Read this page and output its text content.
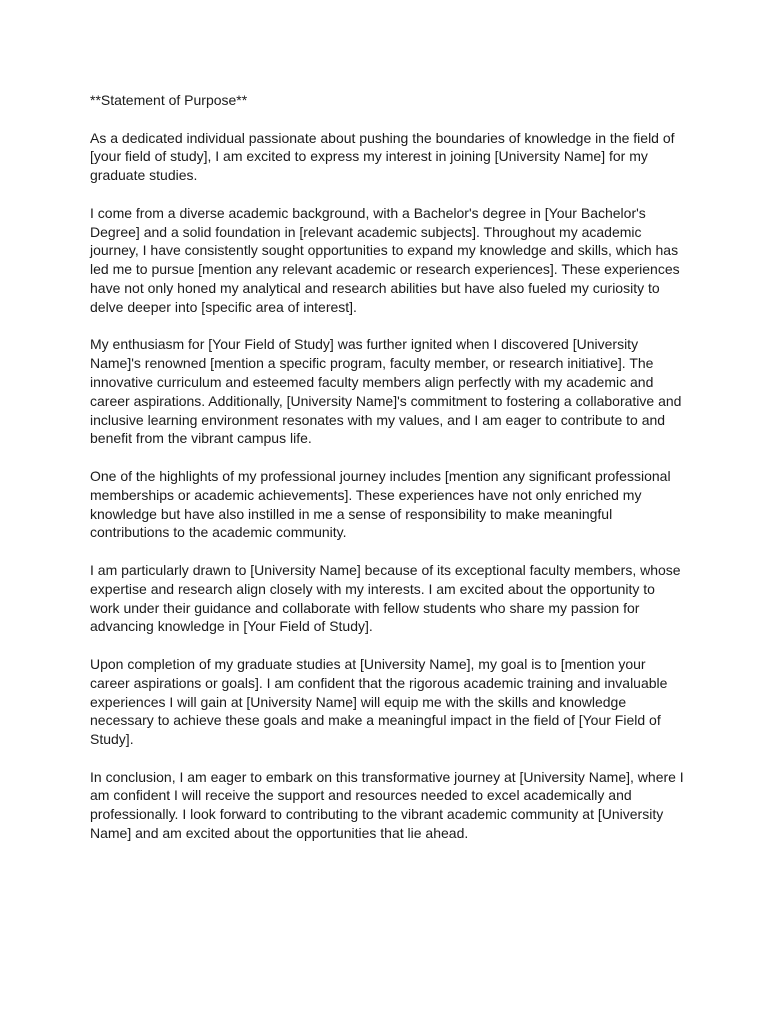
**Statement of Purpose**
As a dedicated individual passionate about pushing the boundaries of knowledge in the field of
[your field of study], I am excited to express my interest in joining [University Name] for my
graduate studies.
I come from a diverse academic background, with a Bachelor's degree in [Your Bachelor's
Degree] and a solid foundation in [relevant academic subjects]. Throughout my academic
journey, I have consistently sought opportunities to expand my knowledge and skills, which has
led me to pursue [mention any relevant academic or research experiences]. These experiences
have not only honed my analytical and research abilities but have also fueled my curiosity to
delve deeper into [specific area of interest].
My enthusiasm for [Your Field of Study] was further ignited when I discovered [University
Name]'s renowned [mention a specific program, faculty member, or research initiative]. The
innovative curriculum and esteemed faculty members align perfectly with my academic and
career aspirations. Additionally, [University Name]'s commitment to fostering a collaborative and
inclusive learning environment resonates with my values, and I am eager to contribute to and
benefit from the vibrant campus life.
One of the highlights of my professional journey includes [mention any significant professional
memberships or academic achievements]. These experiences have not only enriched my
knowledge but have also instilled in me a sense of responsibility to make meaningful
contributions to the academic community.
I am particularly drawn to [University Name] because of its exceptional faculty members, whose
expertise and research align closely with my interests. I am excited about the opportunity to
work under their guidance and collaborate with fellow students who share my passion for
advancing knowledge in [Your Field of Study].
Upon completion of my graduate studies at [University Name], my goal is to [mention your
career aspirations or goals]. I am confident that the rigorous academic training and invaluable
experiences I will gain at [University Name] will equip me with the skills and knowledge
necessary to achieve these goals and make a meaningful impact in the field of [Your Field of
Study].
In conclusion, I am eager to embark on this transformative journey at [University Name], where I
am confident I will receive the support and resources needed to excel academically and
professionally. I look forward to contributing to the vibrant academic community at [University
Name] and am excited about the opportunities that lie ahead.
